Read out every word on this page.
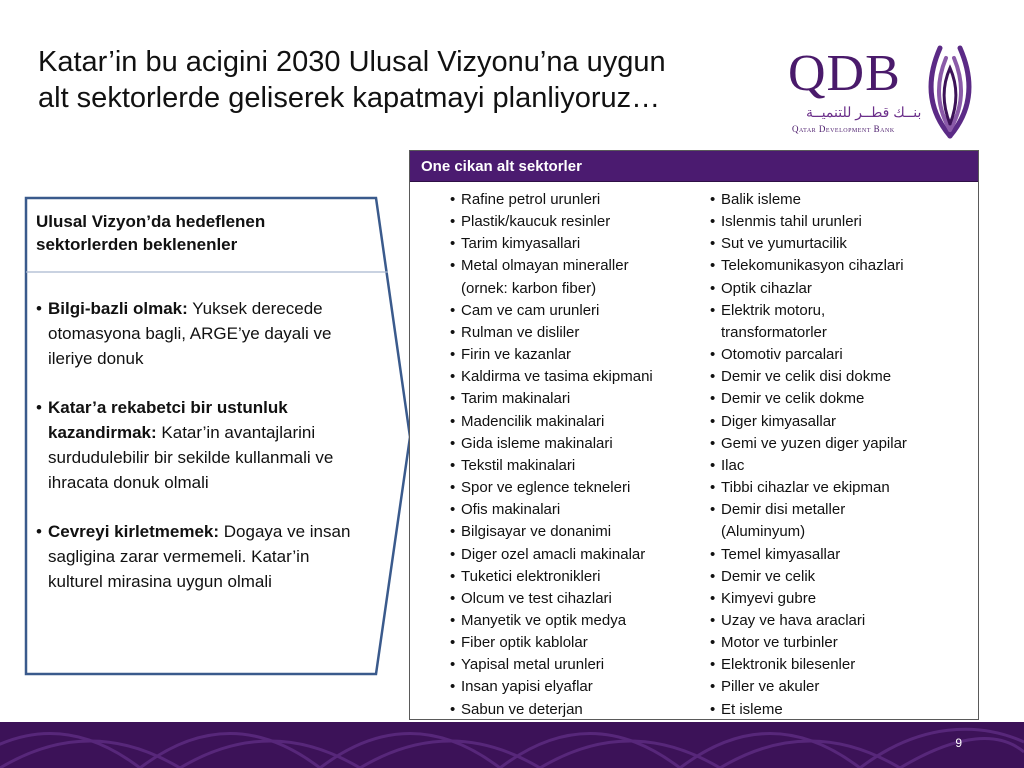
Katar’in bu acigini 2030 Ulusal Vizyonu’na uygun
alt sektorlerde geliserek kapatmayi planliyoruz…	QDB
بنــك قطــر للتنميــة
Qatar Development Bank
Ulusal Vizyon’da hedeflenen sektorlerden beklenenler
• Bilgi-bazli olmak: Yuksek derecede otomasyona bagli, ARGE’ye dayali ve ileriye donuk
• Katar’a rekabetci bir ustunluk kazandirmak: Katar’in avantajlarini surdudulebilir bir sekilde kullanmali ve ihracata donuk olmali
• Cevreyi kirletmemek: Dogaya ve insan sagligina zarar vermemeli. Katar’in kulturel mirasina uygun olmali
One cikan alt sektorler
• Rafine petrol urunleri
• Plastik/kaucuk resinler
• Tarim kimyasallari
• Metal olmayan mineraller
(ornek: karbon fiber)
• Cam ve cam urunleri
• Rulman ve disliler
• Firin ve kazanlar
• Kaldirma ve tasima ekipmani
• Tarim makinalari
• Madencilik makinalari
• Gida isleme makinalari
• Tekstil makinalari
• Spor ve eglence tekneleri
• Ofis makinalari
• Bilgisayar ve donanimi
• Diger ozel amacli makinalar
• Tuketici elektronikleri
• Olcum ve test cihazlari
• Manyetik ve optik medya
• Fiber optik kablolar
• Yapisal metal urunleri
• Insan yapisi elyaflar
• Sabun ve deterjan
• Balik isleme
• Islenmis tahil urunleri
• Sut ve yumurtacilik
• Telekomunikasyon cihazlari
• Optik cihazlar
• Elektrik motoru,
transformatorler
• Otomotiv parcalari
• Demir ve celik disi dokme
• Demir ve celik dokme
• Diger kimyasallar
• Gemi ve yuzen diger yapilar
• Ilac
• Tibbi cihazlar ve ekipman
• Demir disi metaller
(Aluminyum)
• Temel kimyasallar
• Demir ve celik
• Kimyevi gubre
• Uzay ve hava araclari
• Motor ve turbinler
• Elektronik bilesenler
• Piller ve akuler
• Et isleme
9
